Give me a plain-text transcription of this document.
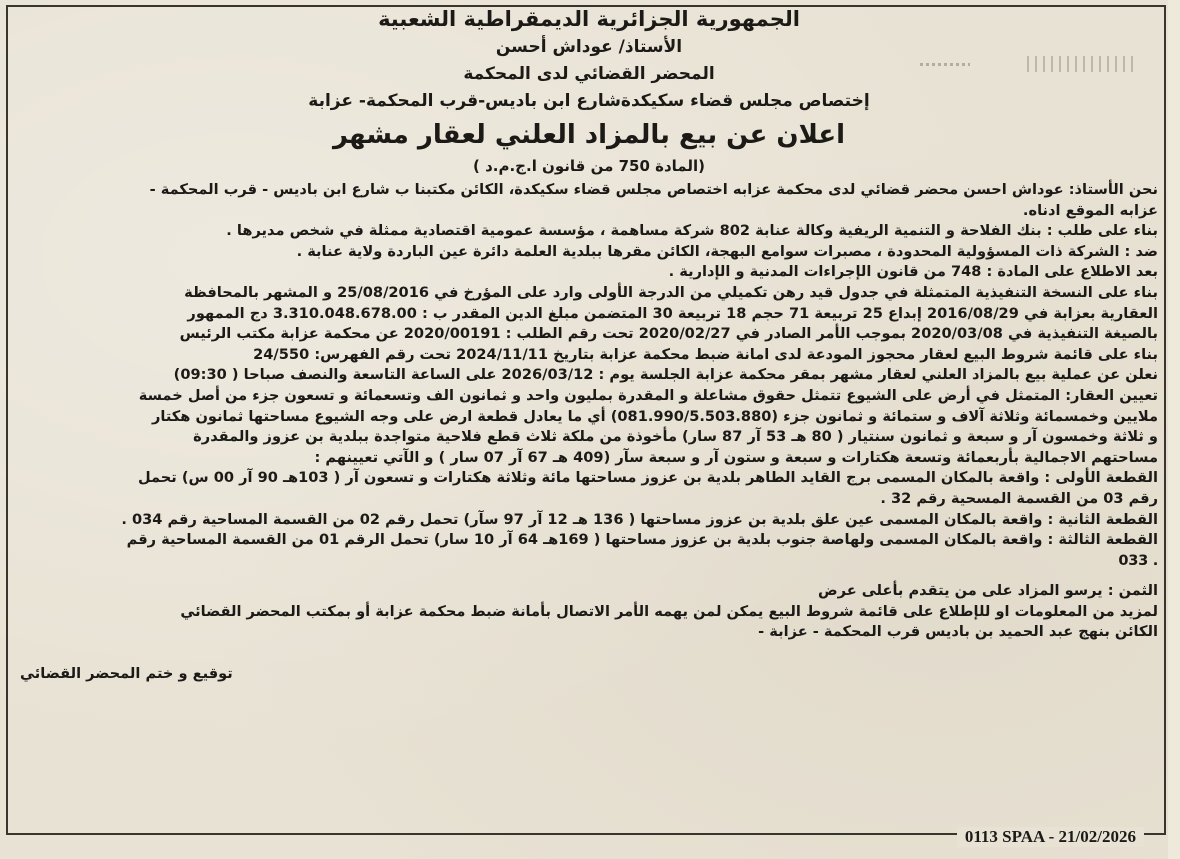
الجمهورية الجزائرية الديمقراطية الشعبية
الأستاذ/ عوداش أحسن
المحضر القضائي لدى المحكمة
إختصاص مجلس قضاء سكيكدةشارع ابن باديس-قرب المحكمة- عزابة
اعلان عن بيع بالمزاد العلني لعقار مشهر
(المادة 750 من قانون ا.ج.م.د )
نحن الأستاذ: عوداش احسن محضر قضائي لدى محكمة عزابه اختصاص مجلس قضاء سكيكدة، الكائن مكتبنا ب شارع ابن باديس - قرب المحكمة -
عزابه الموقع ادناه.
بناء على طلب : بنك الفلاحة و التنمية الريفية وكالة عنابة 802 شركة مساهمة ، مؤسسة عمومية اقتصادية ممثلة في شخص مديرها .
ضد : الشركة ذات المسؤولية المحدودة ، مصبرات سوامع البهجة، الكائن مقرها ببلدية العلمة دائرة عين الباردة ولاية عنابة .
بعد الاطلاع على المادة : 748 من قانون الإجراءات المدنية و الإدارية .
بناء على النسخة التنفيذية المتمثلة في جدول قيد رهن تكميلي من الدرجة الأولى وارد على المؤرخ في 25/08/2016 و المشهر بالمحافظة
العقارية بعزابة في 2016/08/29 إبداع 25 تربيعة 71 حجم 18 تربيعة 30 المتضمن مبلغ الدين المقدر ب : 3.310.048.678.00 دج الممهور
بالصيغة التنفيذية في 2020/03/08 بموجب الأمر الصادر في 2020/02/27 تحت رقم الطلب : 2020/00191 عن محكمة عزابة مكتب الرئيس
بناء على قائمة شروط البيع لعقار محجوز المودعة لدى امانة ضبط محكمة عزابة بتاريخ 2024/11/11 تحت رقم الفهرس: 24/550
نعلن عن عملية بيع بالمزاد العلني لعقار مشهر بمقر محكمة عزابة الجلسة يوم : 2026/03/12 على الساعة التاسعة والنصف صباحا ( 09:30)
تعيين العقار: المتمثل في أرض على الشيوع تتمثل حقوق مشاعلة و المقدرة بمليون واحد و ثمانون الف وتسعمائة و تسعون جزء من أصل خمسة
ملايين وخمسمائة وثلاثة آلاف و ستمائة و ثمانون جزء (081.990/5.503.880) أي ما يعادل قطعة ارض على وجه الشيوع مساحتها ثمانون هكتار
و ثلاثة وخمسون آر و سبعة و ثمانون سنتيار ( 80 هـ 53 آر 87 سار) مأخوذة من ملكة ثلاث قطع فلاحية متواجدة ببلدية بن عزوز والمقدرة
مساحتهم الاجمالية بأربعمائة وتسعة هكتارات و سبعة و ستون آر و سبعة سآر (409 هـ 67 آر 07 سار ) و الآتي تعيينهم :
القطعة الأولى : واقعة بالمكان المسمى برج القايد الطاهر بلدية بن عزوز مساحتها مائة وثلاثة هكتارات و تسعون آر ( 103هـ 90 آر 00 س) تحمل
رقم 03 من القسمة المسحية رقم 32 .
القطعة الثانية : واقعة بالمكان المسمى عين علق بلدية بن عزوز مساحتها ( 136 هـ 12 آر 97 سآر) تحمل رقم 02 من القسمة المساحية رقم 034 .
القطعة الثالثة : واقعة بالمكان المسمى ولهاصة جنوب بلدية بن عزوز مساحتها ( 169هـ 64 آر 10 سار) تحمل الرقم 01 من القسمة المساحية رقم
. 033
الثمن : يرسو المزاد على من يتقدم بأعلى عرض
لمزيد من المعلومات او للإطلاع على قائمة شروط البيع يمكن لمن يهمه الأمر الاتصال بأمانة ضبط محكمة عزابة أو بمكتب المحضر القضائي
الكائن بنهج عبد الحميد بن باديس قرب المحكمة - عزابة -
توقيع و ختم المحضر القضائي
0113 SPAA - 21/02/2026
